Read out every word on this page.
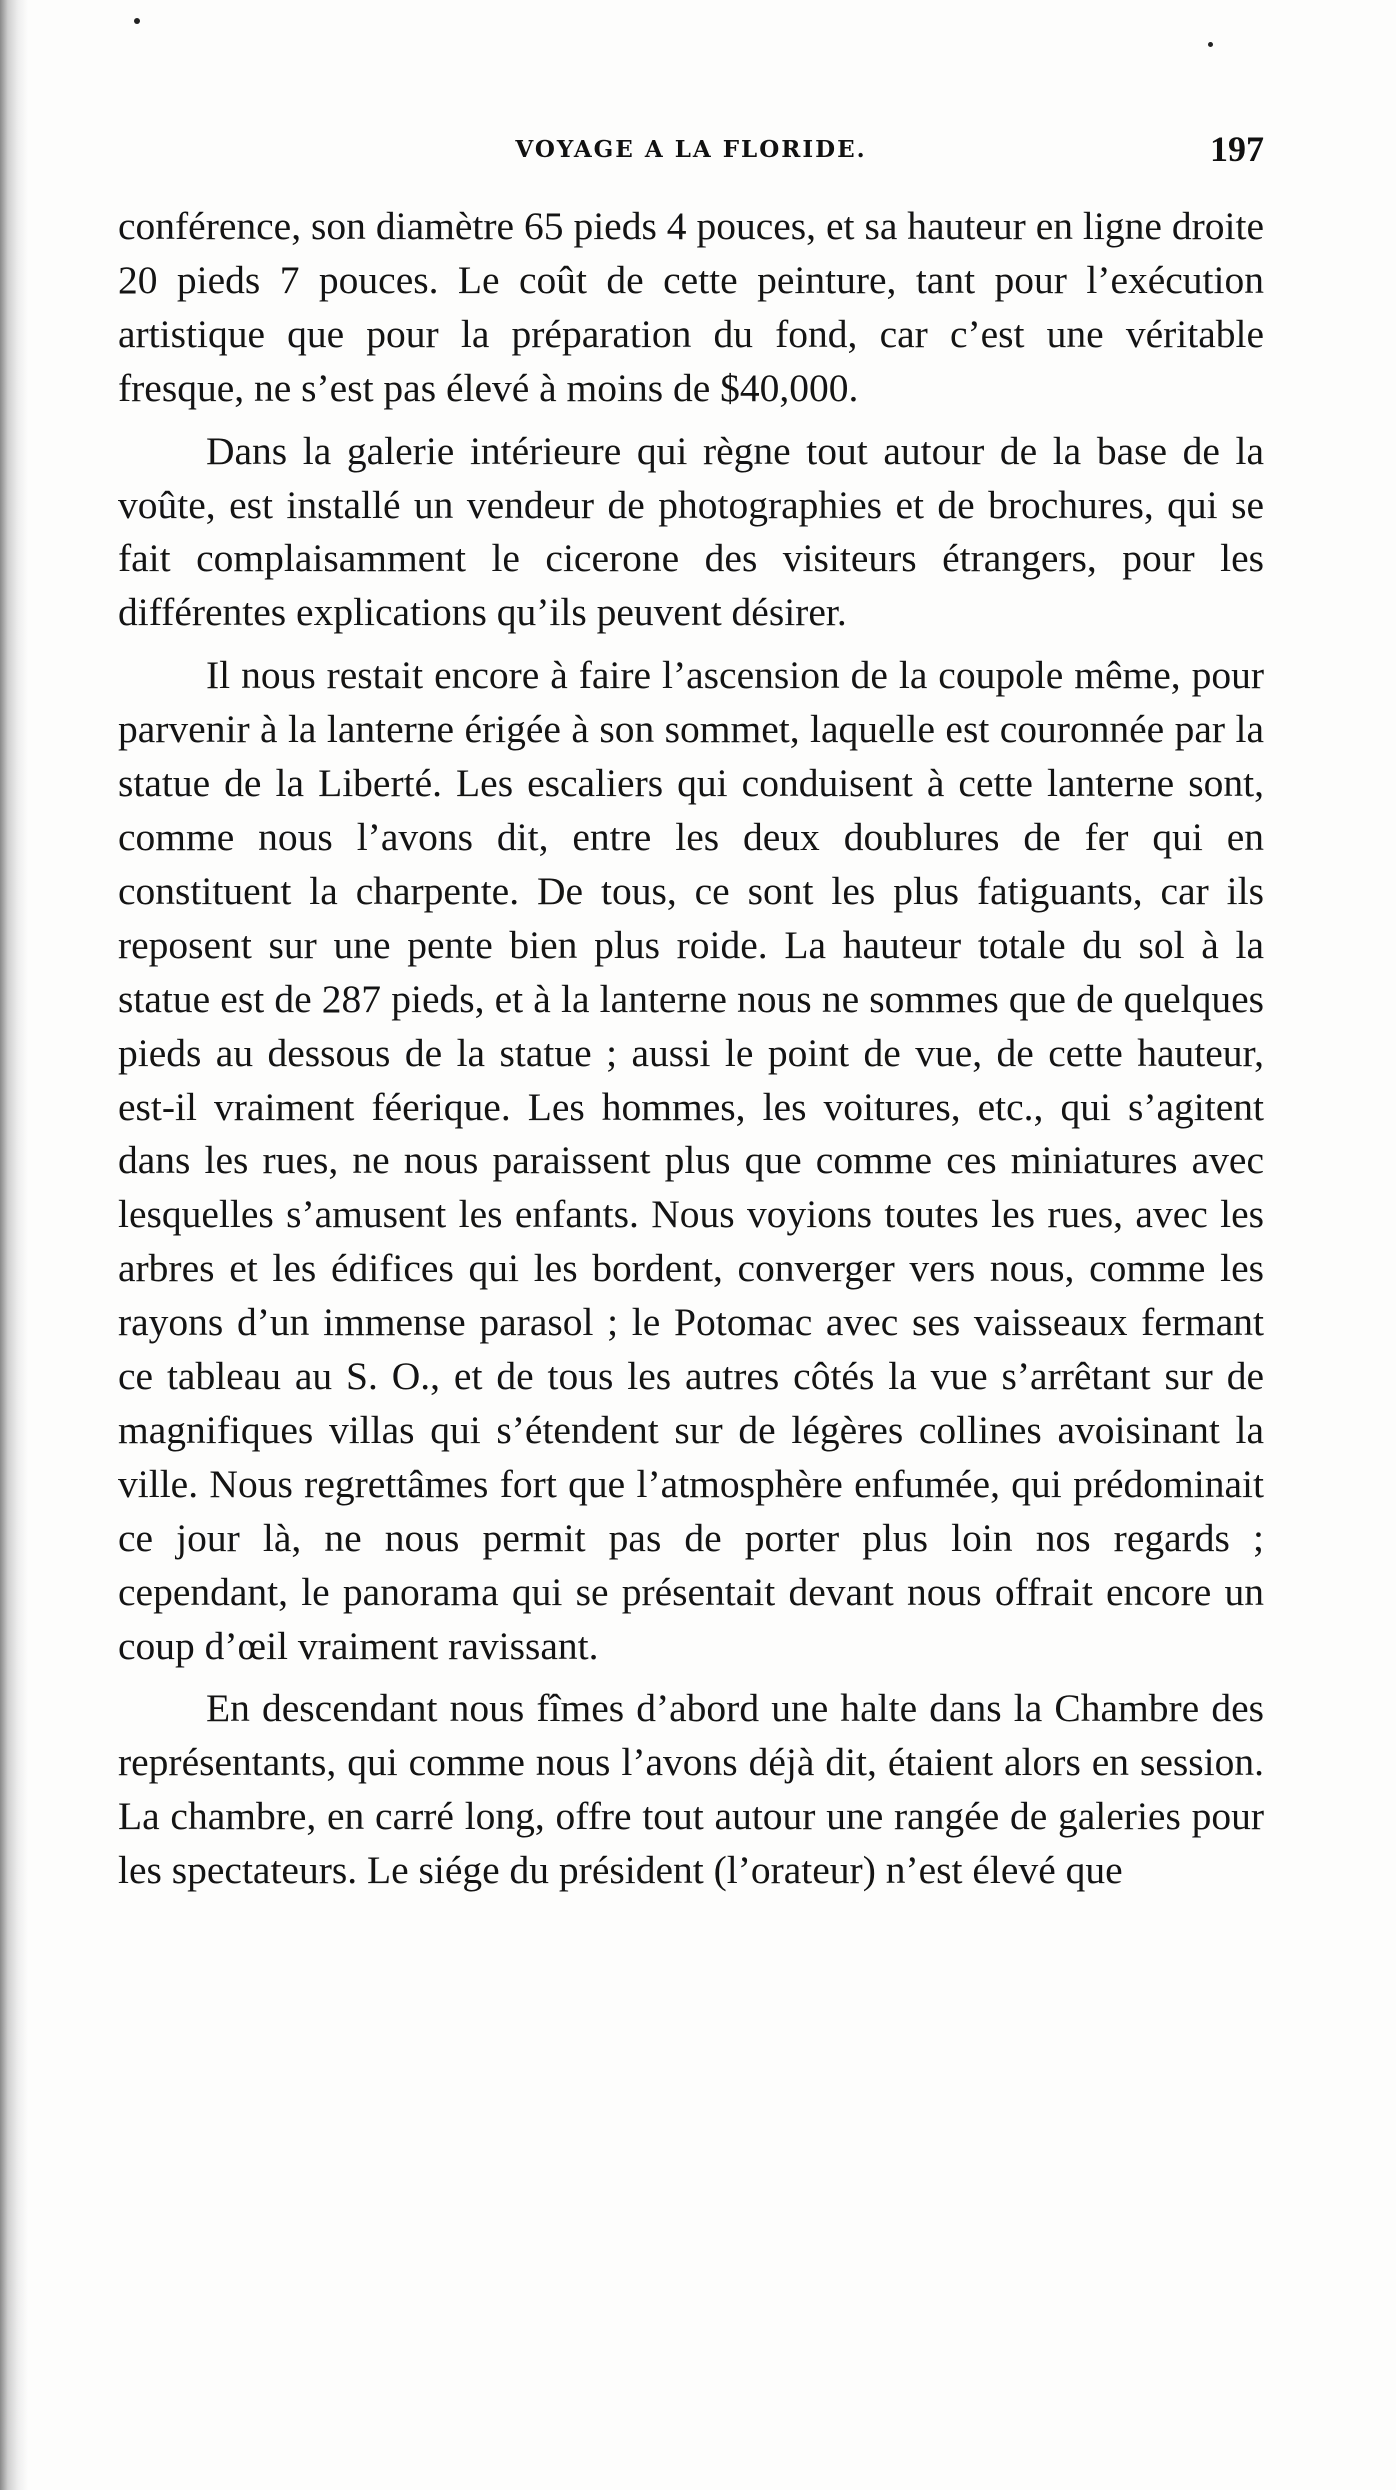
VOYAGE A LA FLORIDE.	197

conférence, son diamètre 65 pieds 4 pouces, et sa hauteur en ligne droite 20 pieds 7 pouces. Le coût de cette peinture, tant pour l’exécution artistique que pour la préparation du fond, car c’est une véritable fresque, ne s’est pas élevé à moins de $40,000.

Dans la galerie intérieure qui règne tout autour de la base de la voûte, est installé un vendeur de photographies et de brochures, qui se fait complaisamment le cicerone des visiteurs étrangers, pour les différentes explications qu’ils peuvent désirer.

Il nous restait encore à faire l’ascension de la coupole même, pour parvenir à la lanterne érigée à son sommet, laquelle est couronnée par la statue de la Liberté. Les escaliers qui conduisent à cette lanterne sont, comme nous l’avons dit, entre les deux doublures de fer qui en constituent la charpente. De tous, ce sont les plus fatiguants, car ils reposent sur une pente bien plus roide. La hauteur totale du sol à la statue est de 287 pieds, et à la lanterne nous ne sommes que de quelques pieds au dessous de la statue ; aussi le point de vue, de cette hauteur, est-il vraiment féerique. Les hommes, les voitures, etc., qui s’agitent dans les rues, ne nous paraissent plus que comme ces miniatures avec lesquelles s’amusent les enfants. Nous voyions toutes les rues, avec les arbres et les édifices qui les bordent, converger vers nous, comme les rayons d’un immense parasol ; le Potomac avec ses vaisseaux fermant ce tableau au S. O., et de tous les autres côtés la vue s’arrêtant sur de magnifiques villas qui s’étendent sur de légères collines avoisinant la ville. Nous regrettâmes fort que l’atmosphère enfumée, qui prédominait ce jour là, ne nous permit pas de porter plus loin nos regards ; cependant, le panorama qui se présentait devant nous offrait encore un coup d’œil vraiment ravissant.

En descendant nous fîmes d’abord une halte dans la Chambre des représentants, qui comme nous l’avons déjà dit, étaient alors en session. La chambre, en carré long, offre tout autour une rangée de galeries pour les spectateurs. Le siége du président (l’orateur) n’est élevé que
